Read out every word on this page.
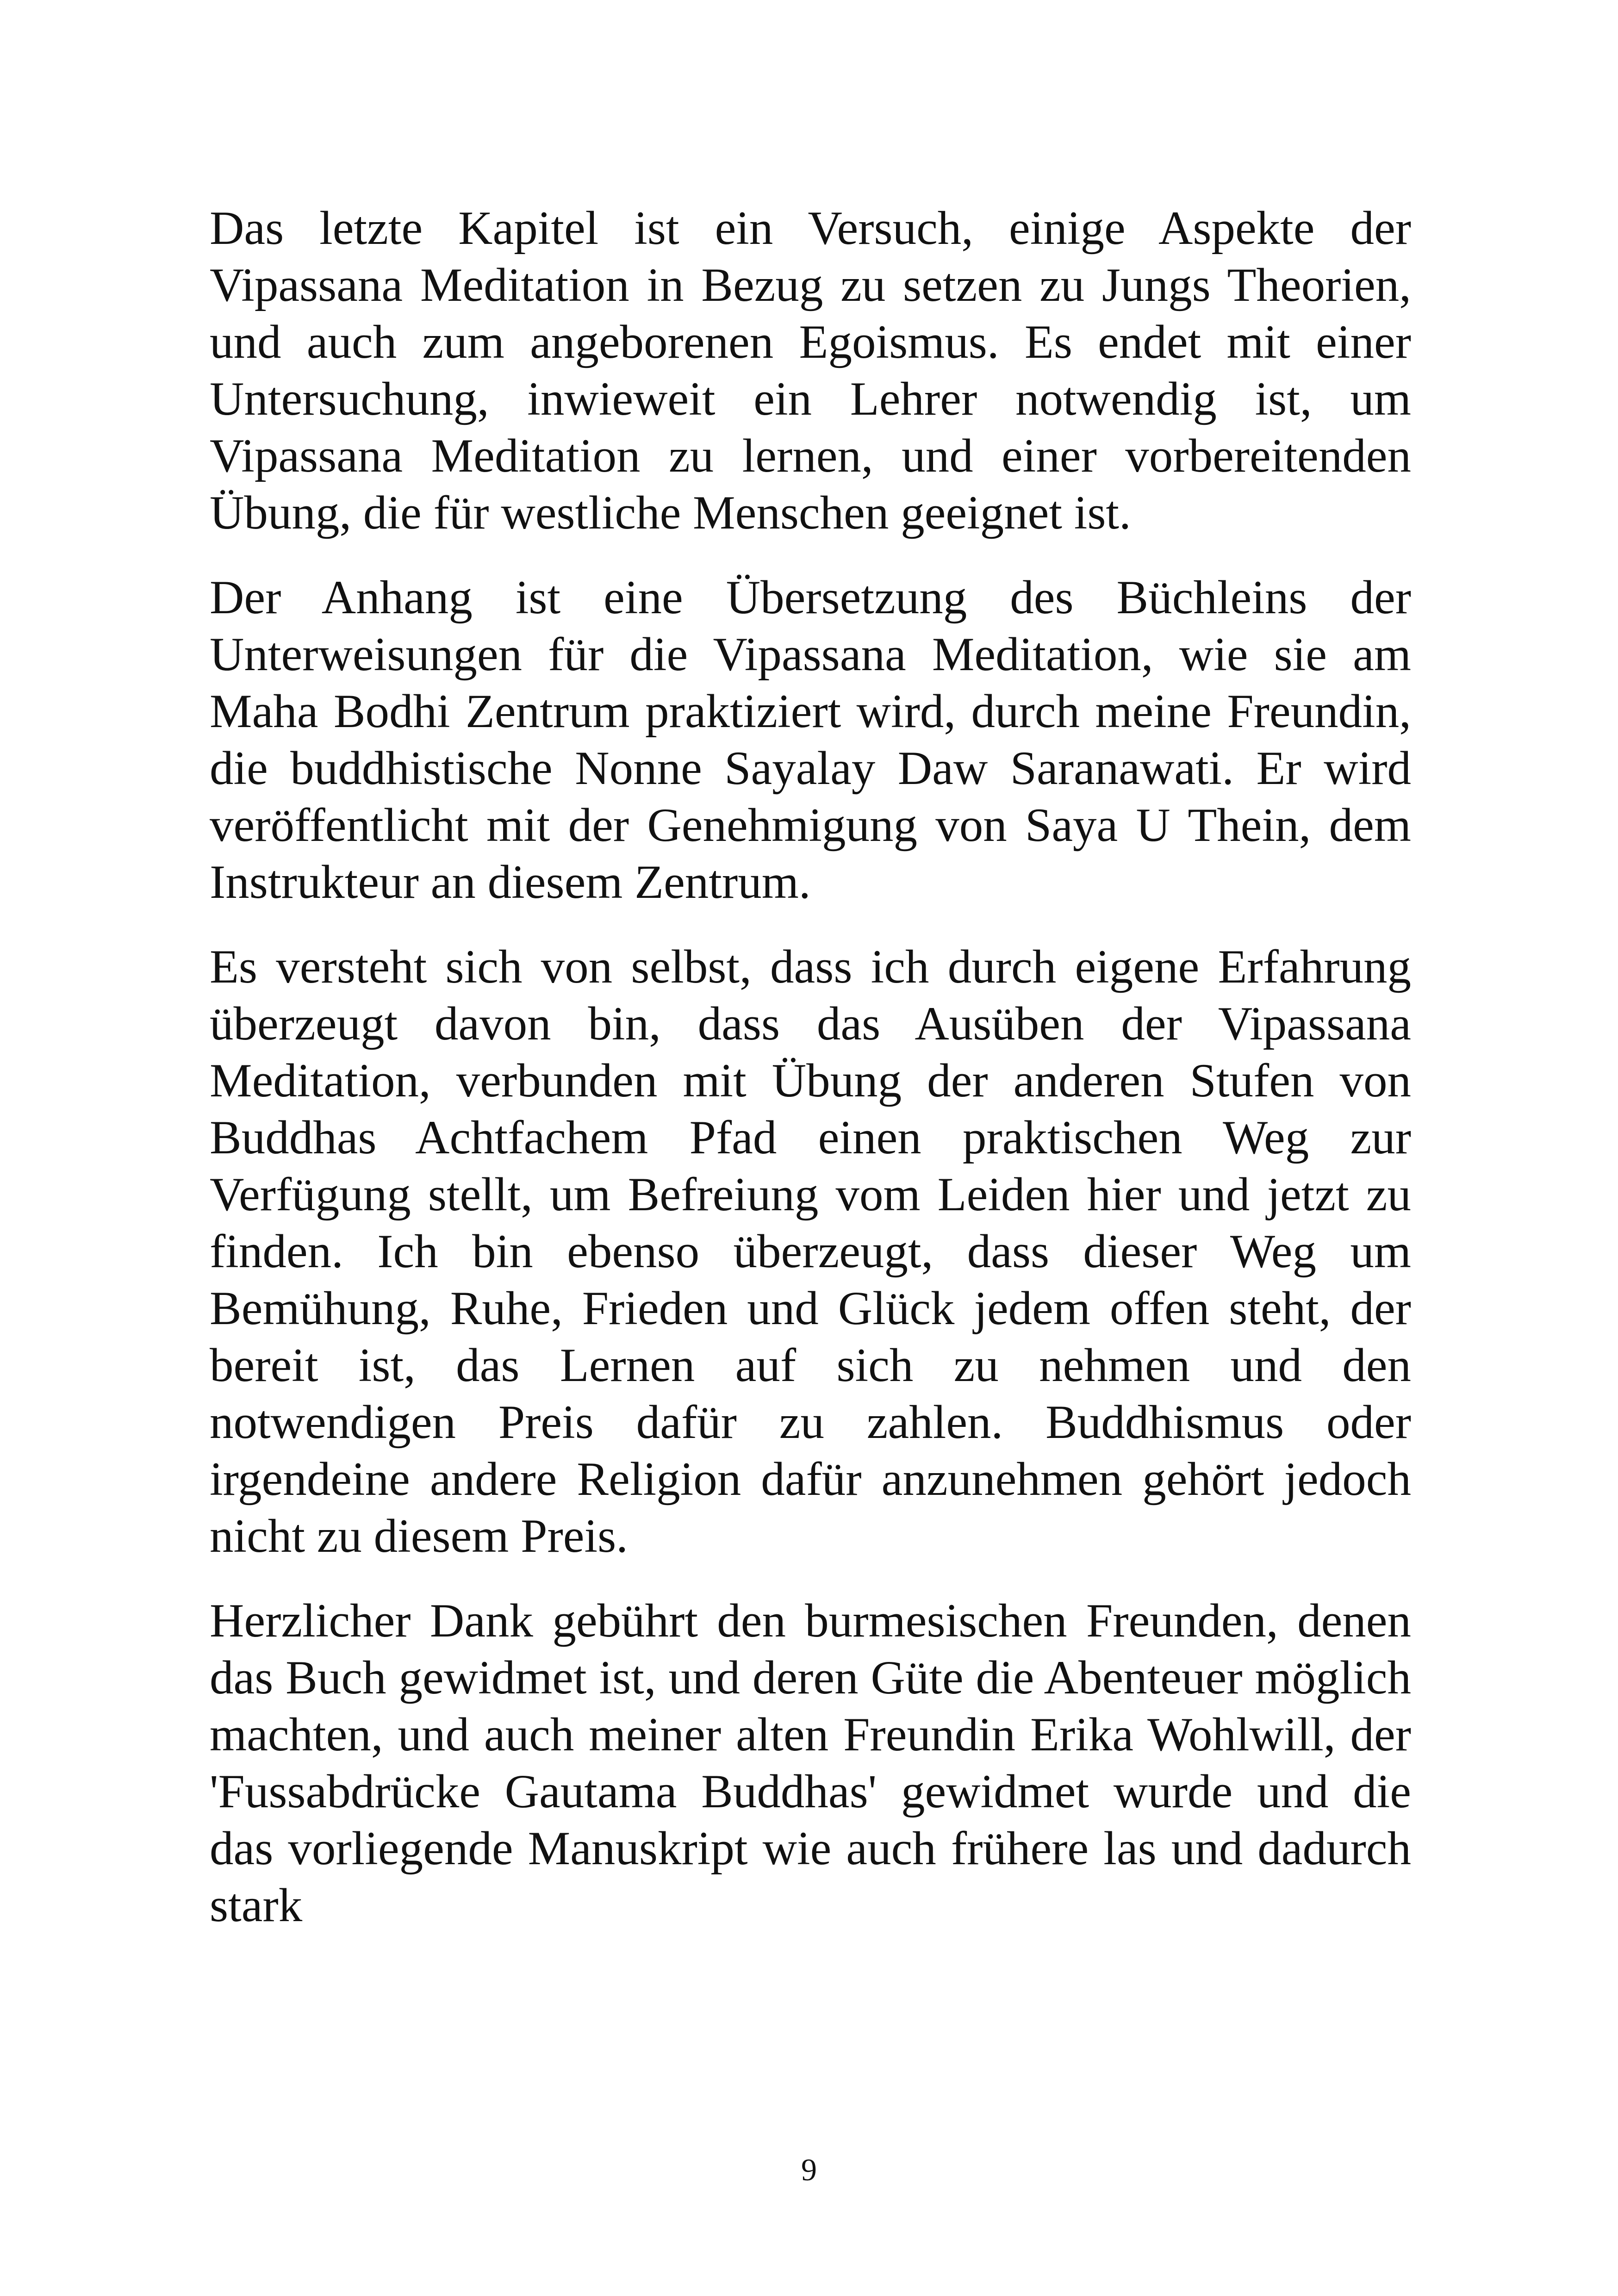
Das letzte Kapitel ist ein Versuch, einige Aspekte der Vipassana Meditation in Bezug zu setzen zu Jungs Theorien, und auch zum angeborenen Egoismus. Es endet mit einer Untersuchung, inwieweit ein Lehrer notwendig ist, um Vipassana Meditation zu lernen, und einer vorbereitenden Übung, die für westliche Menschen geeignet ist.

Der Anhang ist eine Übersetzung des Büchleins der Unterweisungen für die Vipassana Meditation, wie sie am Maha Bodhi Zentrum praktiziert wird, durch meine Freundin, die buddhistische Nonne Sayalay Daw Saranawati. Er wird veröffentlicht mit der Genehmigung von Saya U Thein, dem Instrukteur an diesem Zentrum.

Es versteht sich von selbst, dass ich durch eigene Erfahrung überzeugt davon bin, dass das Ausüben der Vipassana Meditation, verbunden mit Übung der anderen Stufen von Buddhas Achtfachem Pfad einen praktischen Weg zur Verfügung stellt, um Befreiung vom Leiden hier und jetzt zu finden. Ich bin ebenso überzeugt, dass dieser Weg um Bemühung, Ruhe, Frieden und Glück jedem offen steht, der bereit ist, das Lernen auf sich zu nehmen und den notwendigen Preis dafür zu zahlen. Buddhismus oder irgendeine andere Religion dafür anzunehmen gehört jedoch nicht zu diesem Preis.

Herzlicher Dank gebührt den burmesischen Freunden, denen das Buch gewidmet ist, und deren Güte die Abenteuer möglich machten, und auch meiner alten Freundin Erika Wohlwill, der 'Fussabdrücke Gautama Buddhas' gewidmet wurde und die das vorliegende Manuskript wie auch frühere las und dadurch stark

9
